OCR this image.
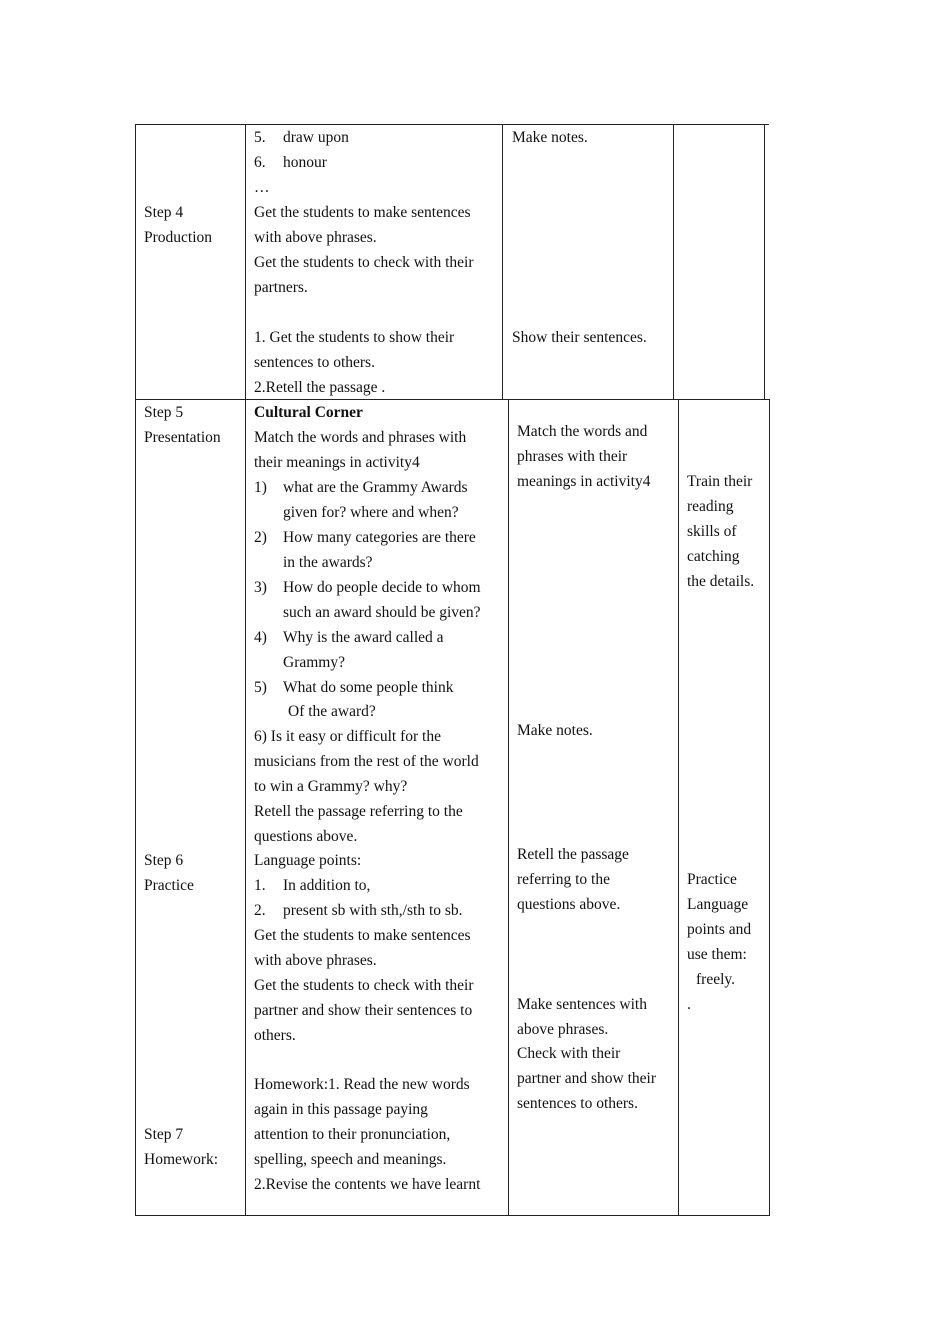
Step 4
Production
5. draw upon
6. honour
…
Get the students to make sentences
with above phrases.
Get the students to check with their
partners.
1. Get the students to show their
sentences to others.
2.Retell the passage .
Make notes.
Show their sentences.
Step 5
Presentation
Step 6
Practice
Step 7
Homework:
Cultural Corner
Match the words and phrases with
their meanings in activity4
1) what are the Grammy Awards
given for? where and when?
2) How many categories are there
in the awards?
3) How do people decide to whom
such an award should be given?
4) Why is the award called a
Grammy?
5) What do some people think
Of the award?
6) Is it easy or difficult for the
musicians from the rest of the world
to win a Grammy? why?
Retell the passage referring to the
questions above.
Language points:
1. In addition to,
2. present sb with sth,/sth to sb.
Get the students to make sentences
with above phrases.
Get the students to check with their
partner and show their sentences to
others.
Homework:1. Read the new words
again in this passage paying
attention to their pronunciation,
spelling, speech and meanings.
2.Revise the contents we have learnt
Match the words and
phrases with their
meanings in activity4
Make notes.
Retell the passage
referring to the
questions above.
Make sentences with
above phrases.
Check with their
partner and show their
sentences to others.
Train their
reading
skills of
catching
the details.
Practice
Language
points and
use them:
freely.
.
